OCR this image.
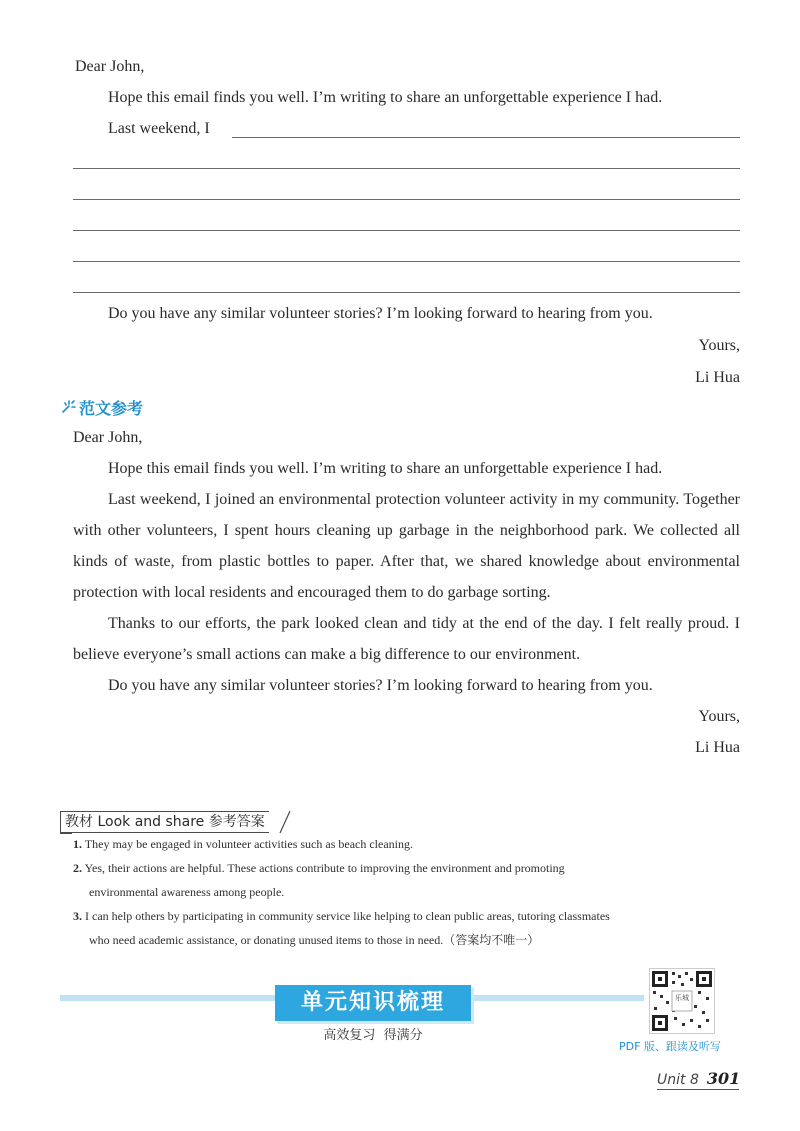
Dear John,
Hope this email finds you well. I’m writing to share an unforgettable experience I had.
Last weekend, I
Do you have any similar volunteer stories? I’m looking forward to hearing from you.
Yours,
Li Hua
范文参考

Dear John,

Hope this email finds you well. I’m writing to share an unforgettable experience I had.

Last weekend, I joined an environmental protection volunteer activity in my community. Together with other volunteers, I spent hours cleaning up garbage in the neighborhood park. We collected all kinds of waste, from plastic bottles to paper. After that, we shared knowledge about environmental protection with local residents and encouraged them to do garbage sorting.

Thanks to our efforts, the park looked clean and tidy at the end of the day. I felt really proud. I believe everyone’s small actions can make a big difference to our environment.

Do you have any similar volunteer stories? I’m looking forward to hearing from you.

Yours,

Li Hua

教材 Look and share 参考答案
1. They may be engaged in volunteer activities such as beach cleaning.
2. Yes, their actions are helpful. These actions contribute to improving the environment and promoting
environmental awareness among people.
3. I can help others by participating in community service like helping to clean public areas, tutoring classmates
who need academic assistance, or donating unused items to those in need.（答案均不唯一）
单元知识梳理
高效复习  得满分
乐城
PDF 版、跟读及听写
Unit 8 301
